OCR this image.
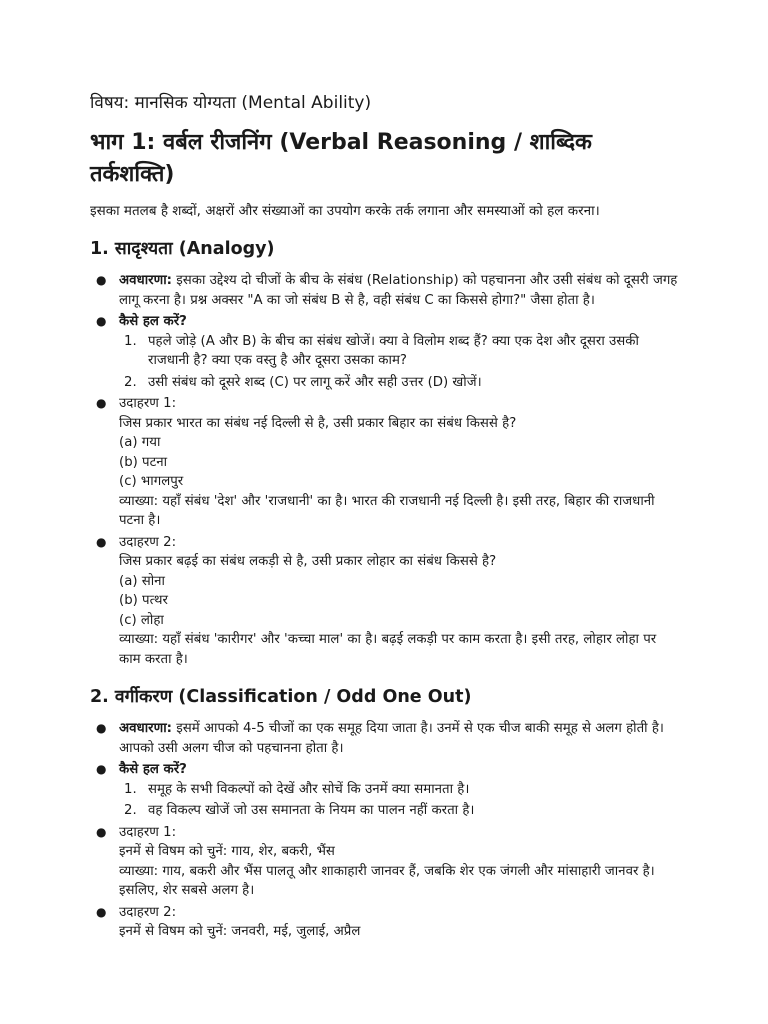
विषय: मानसिक योग्यता (Mental Ability)
भाग 1: वर्बल रीजनिंग (Verbal Reasoning / शाब्दिक तर्कशक्ति)

इसका मतलब है शब्दों, अक्षरों और संख्याओं का उपयोग करके तर्क लगाना और समस्याओं को हल करना।

1. सादृश्यता (Analogy)
● अवधारणा: इसका उद्देश्य दो चीजों के बीच के संबंध (Relationship) को पहचानना और उसी संबंध को दूसरी जगह लागू करना है। प्रश्न अक्सर "A का जो संबंध B से है, वही संबंध C का किससे होगा?" जैसा होता है।
● कैसे हल करें?
1. पहले जोड़े (A और B) के बीच का संबंध खोजें। क्या वे विलोम शब्द हैं? क्या एक देश और दूसरा उसकी राजधानी है? क्या एक वस्तु है और दूसरा उसका काम?
2. उसी संबंध को दूसरे शब्द (C) पर लागू करें और सही उत्तर (D) खोजें।
● उदाहरण 1:
जिस प्रकार भारत का संबंध नई दिल्ली से है, उसी प्रकार बिहार का संबंध किससे है?
(a) गया
(b) पटना
(c) भागलपुर
व्याख्या: यहाँ संबंध 'देश' और 'राजधानी' का है। भारत की राजधानी नई दिल्ली है। इसी तरह, बिहार की राजधानी पटना है।
● उदाहरण 2:
जिस प्रकार बढ़ई का संबंध लकड़ी से है, उसी प्रकार लोहार का संबंध किससे है?
(a) सोना
(b) पत्थर
(c) लोहा
व्याख्या: यहाँ संबंध 'कारीगर' और 'कच्चा माल' का है। बढ़ई लकड़ी पर काम करता है। इसी तरह, लोहार लोहा पर काम करता है।
2. वर्गीकरण (Classification / Odd One Out)
● अवधारणा: इसमें आपको 4-5 चीजों का एक समूह दिया जाता है। उनमें से एक चीज बाकी समूह से अलग होती है। आपको उसी अलग चीज को पहचानना होता है।
● कैसे हल करें?
1. समूह के सभी विकल्पों को देखें और सोचें कि उनमें क्या समानता है।
2. वह विकल्प खोजें जो उस समानता के नियम का पालन नहीं करता है।
● उदाहरण 1:
इनमें से विषम को चुनें: गाय, शेर, बकरी, भैंस
व्याख्या: गाय, बकरी और भैंस पालतू और शाकाहारी जानवर हैं, जबकि शेर एक जंगली और मांसाहारी जानवर है। इसलिए, शेर सबसे अलग है।
● उदाहरण 2:
इनमें से विषम को चुनें: जनवरी, मई, जुलाई, अप्रैल
